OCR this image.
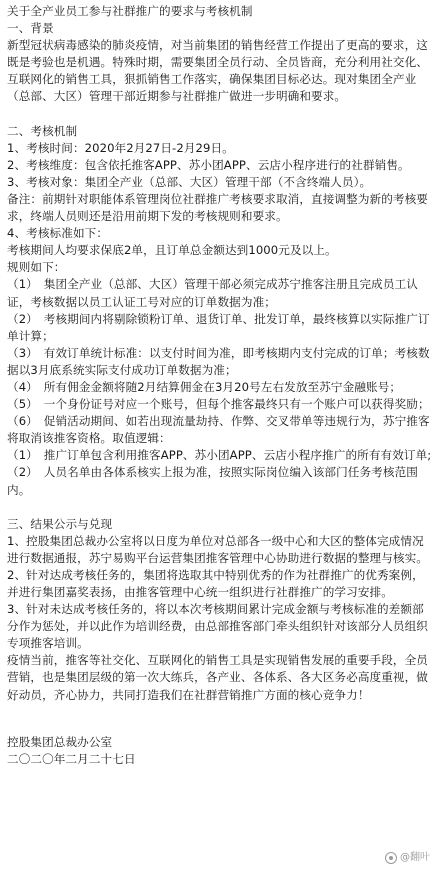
关于全产业员工参与社群推广的要求与考核机制

一、背景

新型冠状病毒感染的肺炎疫情，对当前集团的销售经营工作提出了更高的要求，这既是考验也是机遇。特殊时期，需要集团全员行动、全员皆商，充分利用社交化、互联网化的销售工具，狠抓销售工作落实，确保集团目标必达。现对集团全产业（总部、大区）管理干部近期参与社群推广做进一步明确和要求。

二、考核机制

1、考核时间：2020年2月27日-2月29日。

2、考核维度：包含依托推客APP、苏小团APP、云店小程序进行的社群销售。

3、考核对象：集团全产业（总部、大区）管理干部（不含终端人员）。

备注：前期针对职能体系管理岗位社群推广考核要求取消，直接调整为新的考核要求，终端人员则还是沿用前期下发的考核规则和要求。

4、考核标准如下：

考核期间人均要求保底2单，且订单总金额达到1000元及以上。

规则如下：

（1）　集团全产业（总部、大区）管理干部必须完成苏宁推客注册且完成员工认证，考核数据以员工认证工号对应的订单数据为准；

（2）　考核期间内将剔除锁粉订单、退货订单、批发订单，最终核算以实际推广订单计算；

（3）　有效订单统计标准：以支付时间为准，即考核期内支付完成的订单；考核数据以3月底系统实际支付成功订单数据为准；

（4）　所有佣金金额将随2月结算佣金在3月20号左右发放至苏宁金融账号；

（5）　一个身份证号对应一个账号，但每个推客最终只有一个账户可以获得奖励；

（6）　促销活动期间、如若出现流量劫持、作弊、交叉带单等违规行为，苏宁推客将取消该推客资格。取值逻辑：

（1）　推广订单包含利用推客APP、苏小团APP、云店小程序推广的所有有效订单;

（2）　人员名单由各体系核实上报为准，按照实际岗位编入该部门任务考核范围内。

三、结果公示与兑现

1、控股集团总裁办公室将以日度为单位对总部各一级中心和大区的整体完成情况进行数据通报，苏宁易购平台运营集团推客管理中心协助进行数据的整理与核实。

2、针对达成考核任务的，集团将选取其中特别优秀的作为社群推广的优秀案例，并进行集团嘉奖表扬，由推客管理中心统一组织进行社群推广的学习安排。

3、针对未达成考核任务的，将以本次考核期间累计完成金额与考核标准的差额部分作为惩处，并以此作为培训经费，由总部推客部门牵头组织针对该部分人员组织专项推客培训。

疫情当前，推客等社交化、互联网化的销售工具是实现销售发展的重要手段，全员营销，也是集团层级的第一次大练兵，各产业、各体系、各大区务必高度重视，做好动员，齐心协力，共同打造我们在社群营销推广方面的核心竞争力！

控股集团总裁办公室

二〇二〇年二月二十七日

@翻叶
